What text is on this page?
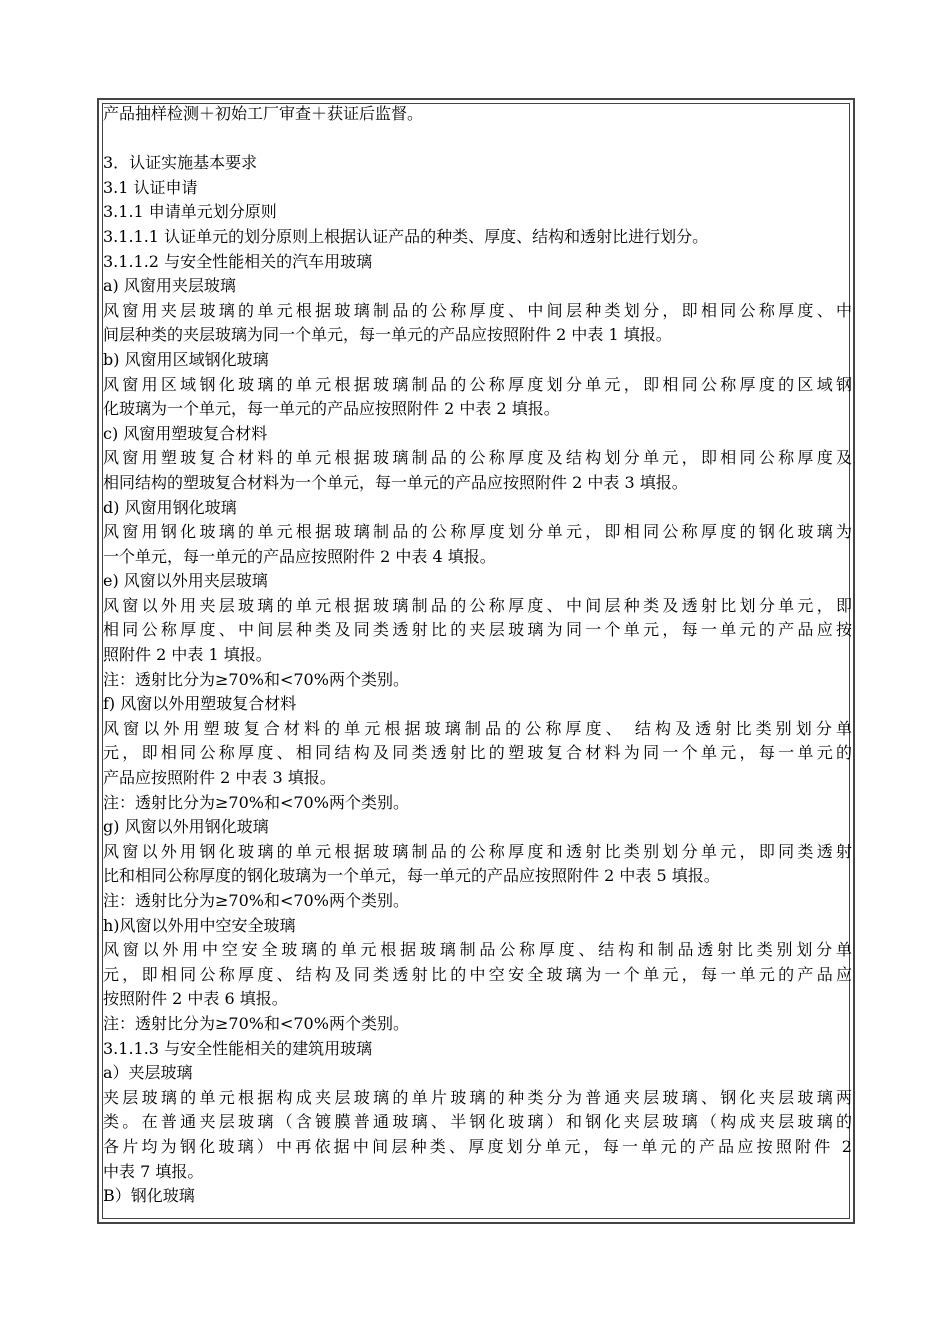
产品抽样检测＋初始工厂审查＋获证后监督。
3．认证实施基本要求
3.1 认证申请
3.1.1 申请单元划分原则
3.1.1.1 认证单元的划分原则上根据认证产品的种类、厚度、结构和透射比进行划分。
3.1.1.2 与安全性能相关的汽车用玻璃
a) 风窗用夹层玻璃
风窗用夹层玻璃的单元根据玻璃制品的公称厚度、中间层种类划分，即相同公称厚度、中
间层种类的夹层玻璃为同一个单元，每一单元的产品应按照附件 2 中表 1 填报。
b) 风窗用区域钢化玻璃
风窗用区域钢化玻璃的单元根据玻璃制品的公称厚度划分单元，即相同公称厚度的区域钢
化玻璃为一个单元，每一单元的产品应按照附件 2 中表 2 填报。
c) 风窗用塑玻复合材料
风窗用塑玻复合材料的单元根据玻璃制品的公称厚度及结构划分单元，即相同公称厚度及
相同结构的塑玻复合材料为一个单元，每一单元的产品应按照附件 2 中表 3 填报。
d) 风窗用钢化玻璃
风窗用钢化玻璃的单元根据玻璃制品的公称厚度划分单元，即相同公称厚度的钢化玻璃为
一个单元，每一单元的产品应按照附件 2 中表 4 填报。
e) 风窗以外用夹层玻璃
风窗以外用夹层玻璃的单元根据玻璃制品的公称厚度、中间层种类及透射比划分单元，即
相同公称厚度、中间层种类及同类透射比的夹层玻璃为同一个单元，每一单元的产品应按
照附件 2 中表 1 填报。
注：透射比分为≥70%和<70%两个类别。
f) 风窗以外用塑玻复合材料
风窗以外用塑玻复合材料的单元根据玻璃制品的公称厚度、 结构及透射比类别划分单
元，即相同公称厚度、相同结构及同类透射比的塑玻复合材料为同一个单元，每一单元的
产品应按照附件 2 中表 3 填报。
注：透射比分为≥70%和<70%两个类别。
g) 风窗以外用钢化玻璃
风窗以外用钢化玻璃的单元根据玻璃制品的公称厚度和透射比类别划分单元，即同类透射
比和相同公称厚度的钢化玻璃为一个单元，每一单元的产品应按照附件 2 中表 5 填报。
注：透射比分为≥70%和<70%两个类别。
h)风窗以外用中空安全玻璃
风窗以外用中空安全玻璃的单元根据玻璃制品公称厚度、结构和制品透射比类别划分单
元，即相同公称厚度、结构及同类透射比的中空安全玻璃为一个单元，每一单元的产品应
按照附件 2 中表 6 填报。
注：透射比分为≥70%和<70%两个类别。
3.1.1.3 与安全性能相关的建筑用玻璃
a）夹层玻璃
夹层玻璃的单元根据构成夹层玻璃的单片玻璃的种类分为普通夹层玻璃、钢化夹层玻璃两
类。在普通夹层玻璃（含镀膜普通玻璃、半钢化玻璃）和钢化夹层玻璃（构成夹层玻璃的
各片均为钢化玻璃）中再依据中间层种类、厚度划分单元，每一单元的产品应按照附件 2
中表 7 填报。
B）钢化玻璃
